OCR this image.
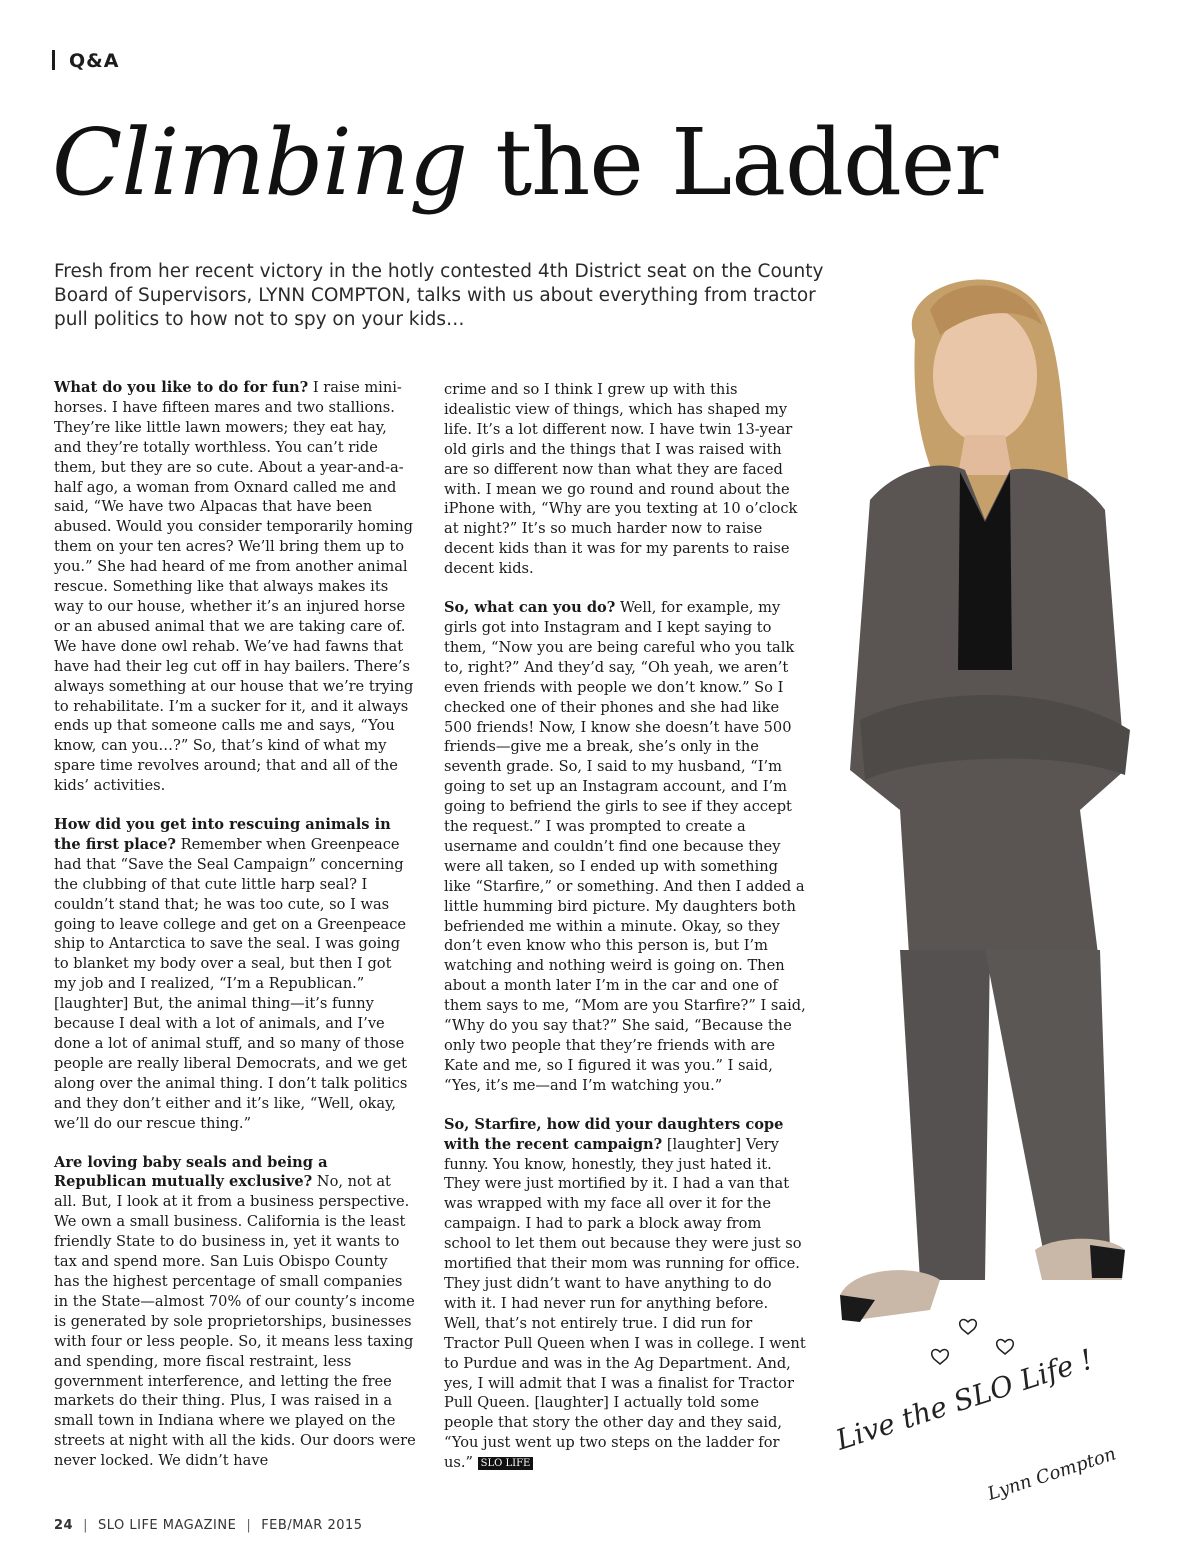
Q&A
Climbing the Ladder

Fresh from her recent victory in the hotly contested 4th District seat on the County Board of Supervisors, LYNN COMPTON, talks with us about everything from tractor pull politics to how not to spy on your kids…

What do you like to do for fun? I raise mini-horses. I have fifteen mares and two stallions. They’re like little lawn mowers; they eat hay, and they’re totally worthless. You can’t ride them, but they are so cute. About a year-and-a-half ago, a woman from Oxnard called me and said, “We have two Alpacas that have been abused. Would you consider temporarily homing them on your ten acres? We’ll bring them up to you.” She had heard of me from another animal rescue. Something like that always makes its way to our house, whether it’s an injured horse or an abused animal that we are taking care of. We have done owl rehab. We’ve had fawns that have had their leg cut off in hay bailers. There’s always something at our house that we’re trying to rehabilitate. I’m a sucker for it, and it always ends up that someone calls me and says, “You know, can you…?” So, that’s kind of what my spare time revolves around; that and all of the kids’ activities.

How did you get into rescuing animals in the first place? Remember when Greenpeace had that “Save the Seal Campaign” concerning the clubbing of that cute little harp seal? I couldn’t stand that; he was too cute, so I was going to leave college and get on a Greenpeace ship to Antarctica to save the seal. I was going to blanket my body over a seal, but then I got my job and I realized, “I’m a Republican.” [laughter] But, the animal thing—it’s funny because I deal with a lot of animals, and I’ve done a lot of animal stuff, and so many of those people are really liberal Democrats, and we get along over the animal thing. I don’t talk politics and they don’t either and it’s like, “Well, okay, we’ll do our rescue thing.”

Are loving baby seals and being a Republican mutually exclusive? No, not at all. But, I look at it from a business perspective. We own a small business. California is the least friendly State to do business in, yet it wants to tax and spend more. San Luis Obispo County has the highest percentage of small companies in the State—almost 70% of our county’s income is generated by sole proprietorships, businesses with four or less people. So, it means less taxing and spending, more fiscal restraint, less government interference, and letting the free markets do their thing. Plus, I was raised in a small town in Indiana where we played on the streets at night with all the kids. Our doors were never locked. We didn’t have

crime and so I think I grew up with this idealistic view of things, which has shaped my life. It’s a lot different now. I have twin 13-year old girls and the things that I was raised with are so different now than what they are faced with. I mean we go round and round about the iPhone with, “Why are you texting at 10 o’clock at night?” It’s so much harder now to raise decent kids than it was for my parents to raise decent kids.

So, what can you do? Well, for example, my girls got into Instagram and I kept saying to them, “Now you are being careful who you talk to, right?” And they’d say, “Oh yeah, we aren’t even friends with people we don’t know.” So I checked one of their phones and she had like 500 friends! Now, I know she doesn’t have 500 friends—give me a break, she’s only in the seventh grade. So, I said to my husband, “I’m going to set up an Instagram account, and I’m going to befriend the girls to see if they accept the request.” I was prompted to create a username and couldn’t find one because they were all taken, so I ended up with something like “Starfire,” or something. And then I added a little humming bird picture. My daughters both befriended me within a minute. Okay, so they don’t even know who this person is, but I’m watching and nothing weird is going on. Then about a month later I’m in the car and one of them says to me, “Mom are you Starfire?” I said, “Why do you say that?” She said, “Because the only two people that they’re friends with are Kate and me, so I figured it was you.” I said, “Yes, it’s me—and I’m watching you.”

So, Starfire, how did your daughters cope with the recent campaign? [laughter] Very funny. You know, honestly, they just hated it. They were just mortified by it. I had a van that was wrapped with my face all over it for the campaign. I had to park a block away from school to let them out because they were just so mortified that their mom was running for office. They just didn’t want to have anything to do with it. I had never run for anything before. Well, that’s not entirely true. I did run for Tractor Pull Queen when I was in college. I went to Purdue and was in the Ag Department. And, yes, I will admit that I was a finalist for Tractor Pull Queen. [laughter] I actually told some people that story the other day and they said, “You just went up two steps on the ladder for us.” SLO LIFE

Live the SLO Life !
Lynn Compton
24 | SLO LIFE MAGAZINE | FEB/MAR 2015
